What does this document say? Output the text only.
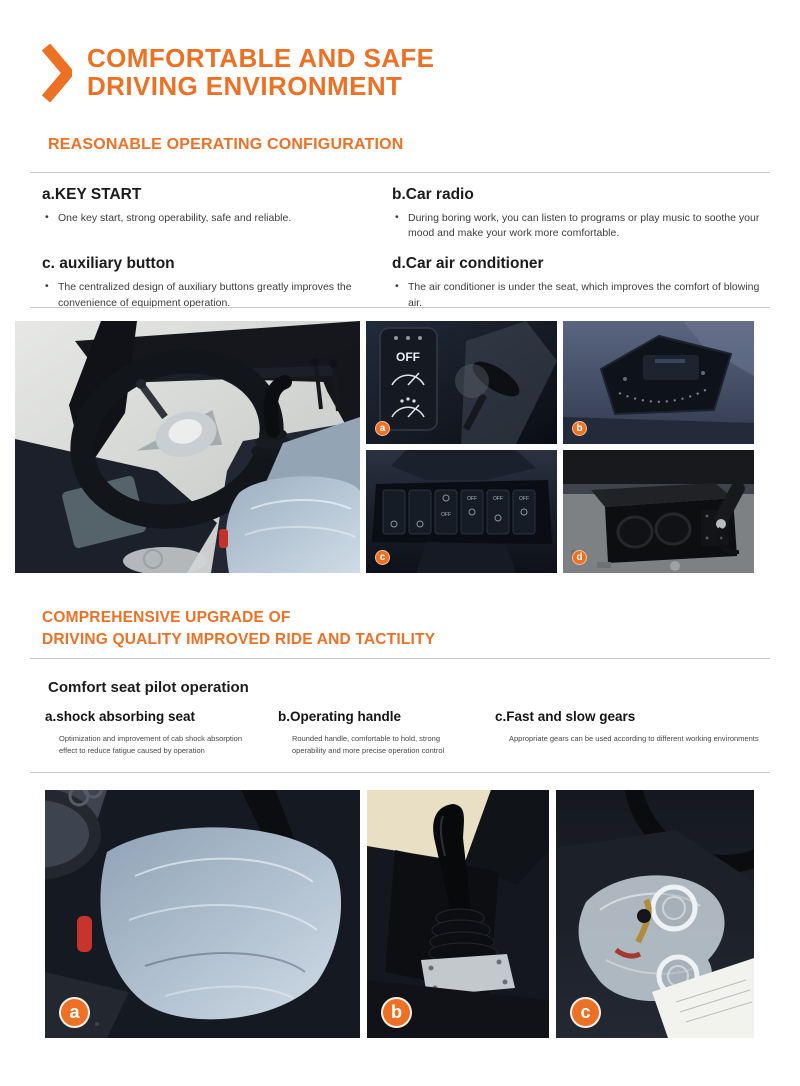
COMFORTABLE AND SAFE
DRIVING ENVIRONMENT
REASONABLE OPERATING CONFIGURATION
a.KEY START

• One key start, strong operability, safe and reliable.

b.Car radio

• During boring work, you can listen to programs or play music to soothe your mood and make your work more comfortable.

c. auxiliary button

• The centralized design of auxiliary buttons greatly improves the convenience of equipment operation.

d.Car air conditioner

• The air conditioner is under the seat, which improves the comfort of blowing air.

OFF
a	b
OFF
OFF	OFF	OFF
c	d
COMPREHENSIVE UPGRADE OF
DRIVING QUALITY IMPROVED RIDE AND TACTILITY
Comfort seat pilot operation
a.shock absorbing seat
Optimization and improvement of cab shock absorption effect to reduce fatigue caused by operation
b.Operating handle
Rounded handle, comfortable to hold, strong operability and more precise operation control
c.Fast and slow gears
Appropriate gears can be used according to different working environments
a	b	c
